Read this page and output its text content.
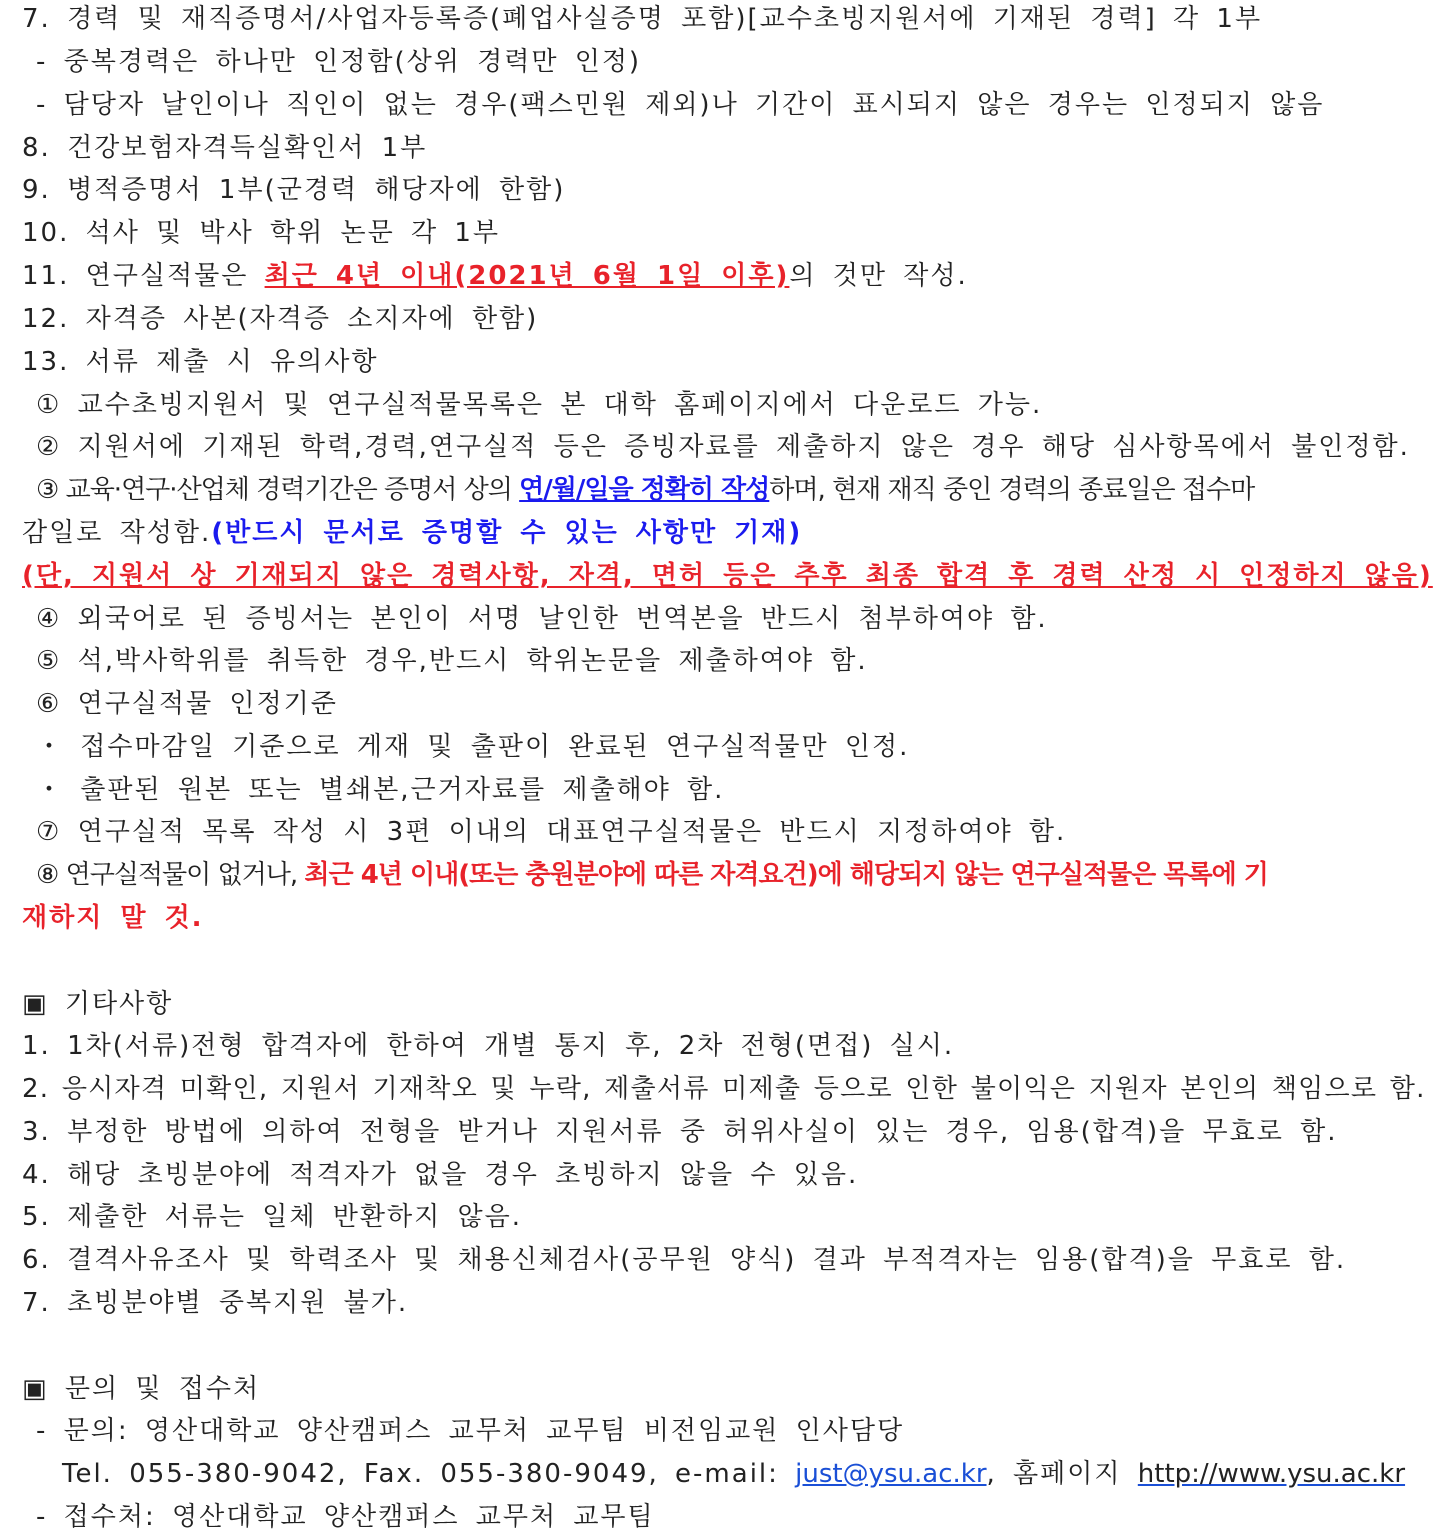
7. 경력 및 재직증명서/사업자등록증(폐업사실증명 포함)[교수초빙지원서에 기재된 경력] 각 1부
- 중복경력은 하나만 인정함(상위 경력만 인정)
- 담당자 날인이나 직인이 없는 경우(팩스민원 제외)나 기간이 표시되지 않은 경우는 인정되지 않음
8. 건강보험자격득실확인서 1부
9. 병적증명서 1부(군경력 해당자에 한함)
10. 석사 및 박사 학위 논문 각 1부
11. 연구실적물은 최근 4년 이내(2021년 6월 1일 이후)의 것만 작성.
12. 자격증 사본(자격증 소지자에 한함)
13. 서류 제출 시 유의사항
① 교수초빙지원서 및 연구실적물목록은 본 대학 홈페이지에서 다운로드 가능.
② 지원서에 기재된 학력,경력,연구실적 등은 증빙자료를 제출하지 않은 경우 해당 심사항목에서 불인정함.
③ 교육·연구·산업체 경력기간은 증명서 상의 연/월/일을 정확히 작성하며, 현재 재직 중인 경력의 종료일은 접수마
감일로 작성함.(반드시 문서로 증명할 수 있는 사항만 기재)
(단, 지원서 상 기재되지 않은 경력사항, 자격, 면허 등은 추후 최종 합격 후 경력 산정 시 인정하지 않음)
④ 외국어로 된 증빙서는 본인이 서명 날인한 번역본을 반드시 첨부하여야 함.
⑤ 석,박사학위를 취득한 경우,반드시 학위논문을 제출하여야 함.
⑥ 연구실적물 인정기준
・ 접수마감일 기준으로 게재 및 출판이 완료된 연구실적물만 인정.
・ 출판된 원본 또는 별쇄본,근거자료를 제출해야 함.
⑦ 연구실적 목록 작성 시 3편 이내의 대표연구실적물은 반드시 지정하여야 함.
⑧ 연구실적물이 없거나, 최근 4년 이내(또는 충원분야에 따른 자격요건)에 해당되지 않는 연구실적물은 목록에 기
재하지 말 것.
▣ 기타사항
1. 1차(서류)전형 합격자에 한하여 개별 통지 후, 2차 전형(면접) 실시.
2. 응시자격 미확인, 지원서 기재착오 및 누락, 제출서류 미제출 등으로 인한 불이익은 지원자 본인의 책임으로 함.
3. 부정한 방법에 의하여 전형을 받거나 지원서류 중 허위사실이 있는 경우, 임용(합격)을 무효로 함.
4. 해당 초빙분야에 적격자가 없을 경우 초빙하지 않을 수 있음.
5. 제출한 서류는 일체 반환하지 않음.
6. 결격사유조사 및 학력조사 및 채용신체검사(공무원 양식) 결과 부적격자는 임용(합격)을 무효로 함.
7. 초빙분야별 중복지원 불가.
▣ 문의 및 접수처
- 문의: 영산대학교 양산캠퍼스 교무처 교무팀 비전임교원 인사담당
Tel. 055-380-9042, Fax. 055-380-9049, e-mail: just@ysu.ac.kr, 홈페이지 http://www.ysu.ac.kr
- 접수처: 영산대학교 양산캠퍼스 교무처 교무팀
